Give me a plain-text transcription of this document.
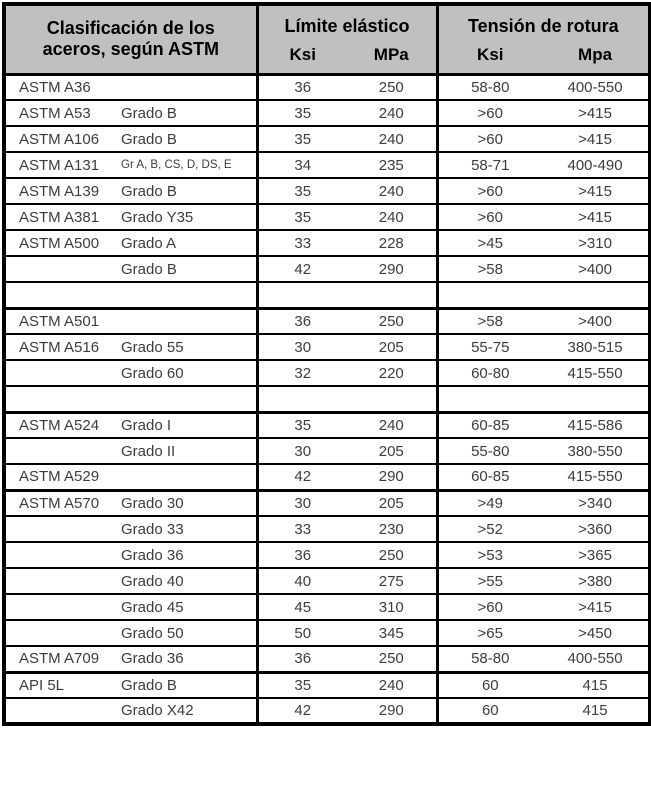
Clasificación de los
aceros, según ASTM		Límite elástico		Tensión de rotura	
		Ksi	MPa	Ksi	Mpa
ASTM A36		36	250	58-80	400-550
ASTM A53	Grado B	35	240	>60	>415
ASTM A106	Grado B	35	240	>60	>415
ASTM A131	Gr A, B, CS, D, DS, E	34	235	58-71	400-490
ASTM A139	Grado B	35	240	>60	>415
ASTM A381	Grado Y35	35	240	>60	>415
ASTM A500	Grado A	33	228	>45	>310
	Grado B	42	290	>58	>400

ASTM A501		36	250	>58	>400
ASTM A516	Grado 55	30	205	55-75	380-515
	Grado 60	32	220	60-80	415-550

ASTM A524	Grado I	35	240	60-85	415-586
	Grado II	30	205	55-80	380-550
ASTM A529		42	290	60-85	415-550
ASTM A570	Grado 30	30	205	>49	>340
	Grado 33	33	230	>52	>360
	Grado 36	36	250	>53	>365
	Grado 40	40	275	>55	>380
	Grado 45	45	310	>60	>415
	Grado 50	50	345	>65	>450
ASTM A709	Grado 36	36	250	58-80	400-550
API 5L	Grado B	35	240	60	415
	Grado X42	42	290	60	415
